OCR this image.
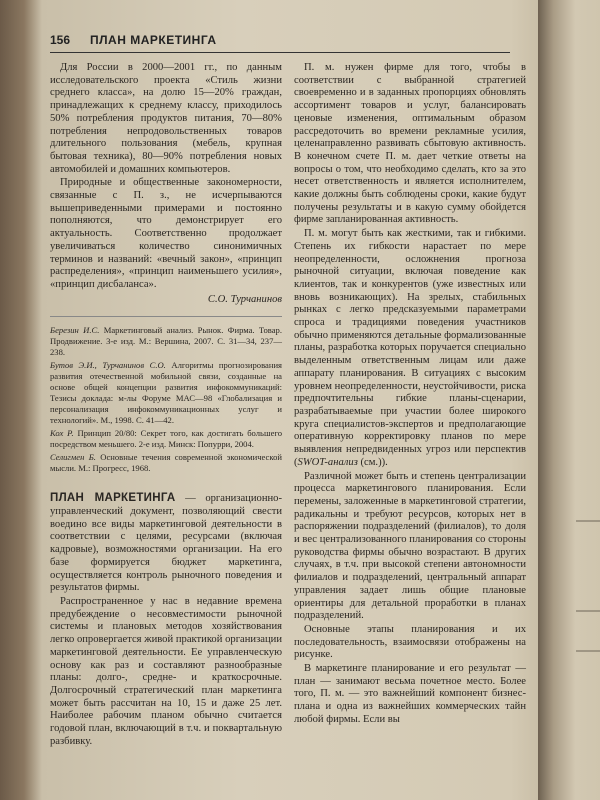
156 ПЛАН МАРКЕТИНГА

Для России в 2000—2001 гг., по данным исследовательского проекта «Стиль жизни среднего класса», на долю 15—20% граждан, принадлежащих к среднему классу, приходилось 50% потребления продуктов питания, 70—80% потребления непродовольственных товаров длительного пользования (мебель, крупная бытовая техника), 80—90% потребления новых автомобилей и домашних компьютеров.

Природные и общественные закономерности, связанные с П. з., не исчерпываются вышеприведенными примерами и постоянно пополняются, что демонстрирует его актуальность. Соответственно продолжает увеличиваться количество синонимичных терминов и названий: «вечный закон», «принцип распределения», «принцип наименьшего усилия», «принцип дисбаланса».

С.О. Турчанинов

Березин И.С. Маркетинговый анализ. Рынок. Фирма. Товар. Продвижение. 3-е изд. М.: Вершина, 2007. С. 31—34, 237—238.

Бутов Э.И., Турчанинов С.О. Алгоритмы прогнозирования развития отечественной мобильной связи, созданные на основе общей концепции развития инфокоммуникаций: Тезисы доклада: м-лы Форуме МАС—98 «Глобализация и персонализация инфокоммуникационных услуг и технологий». М., 1998. С. 41—42.

Кох Р. Принцип 20/80: Секрет того, как достигать большего посредством меньшего. 2-е изд. Минск: Попурри, 2004.

Селигмен Б. Основные течения современной экономической мысли. М.: Прогресс, 1968.

ПЛАН МАРКЕТИНГА — организационно-управленческий документ, позволяющий свести воедино все виды маркетинговой деятельности в соответствии с целями, ресурсами (включая кадровые), возможностями организации. На его базе формируется бюджет маркетинга, осуществляется контроль рыночного поведения и результатов фирмы.

Распространенное у нас в недавние времена предубеждение о несовместимости рыночной системы и плановых методов хозяйствования легко опровергается живой практикой организации маркетинговой деятельности. Ее управленческую основу как раз и составляют разнообразные планы: долго-, средне- и краткосрочные. Долгосрочный стратегический план маркетинга может быть рассчитан на 10, 15 и даже 25 лет. Наиболее рабочим планом обычно считается годовой план, включающий в т.ч. и поквартальную разбивку.

П. м. нужен фирме для того, чтобы в соответствии с выбранной стратегией своевременно и в заданных пропорциях обновлять ассортимент товаров и услуг, балансировать ценовые изменения, оптимальным образом рассредоточить во времени рекламные усилия, целенаправленно развивать сбытовую активность. В конечном счете П. м. дает четкие ответы на вопросы о том, что необходимо сделать, кто за это несет ответственность и является исполнителем, какие должны быть соблюдены сроки, какие будут получены результаты и в какую сумму обойдется фирме запланированная активность.

П. м. могут быть как жесткими, так и гибкими. Степень их гибкости нарастает по мере неопределенности, осложнения прогноза рыночной ситуации, включая поведение как клиентов, так и конкурентов (уже известных или вновь возникающих). На зрелых, стабильных рынках с легко предсказуемыми параметрами спроса и традициями поведения участников обычно применяются детальные формализованные планы, разработка которых поручается специально выделенным ответственным лицам или даже аппарату планирования. В ситуациях с высоким уровнем неопределенности, неустойчивости, риска предпочтительны гибкие планы-сценарии, разрабатываемые при участии более широкого круга специалистов-экспертов и предполагающие оперативную корректировку планов по мере выявления непредвиденных угроз или перспектив (SWOT-анализ (см.)).

Различной может быть и степень централизации процесса маркетингового планирования. Если перемены, заложенные в маркетинговой стратегии, радикальны и требуют ресурсов, которых нет в распоряжении подразделений (филиалов), то доля и вес централизованного планирования со стороны руководства фирмы обычно возрастают. В других случаях, в т.ч. при высокой степени автономности филиалов и подразделений, центральный аппарат управления задает лишь общие плановые ориентиры для детальной проработки в планах подразделений.

Основные этапы планирования и их последовательность, взаимосвязи отображены на рисунке.

В маркетинге планирование и его результат — план — занимают весьма почетное место. Более того, П. м. — это важнейший компонент бизнес-плана и одна из важнейших коммерческих тайн любой фирмы. Если вы
